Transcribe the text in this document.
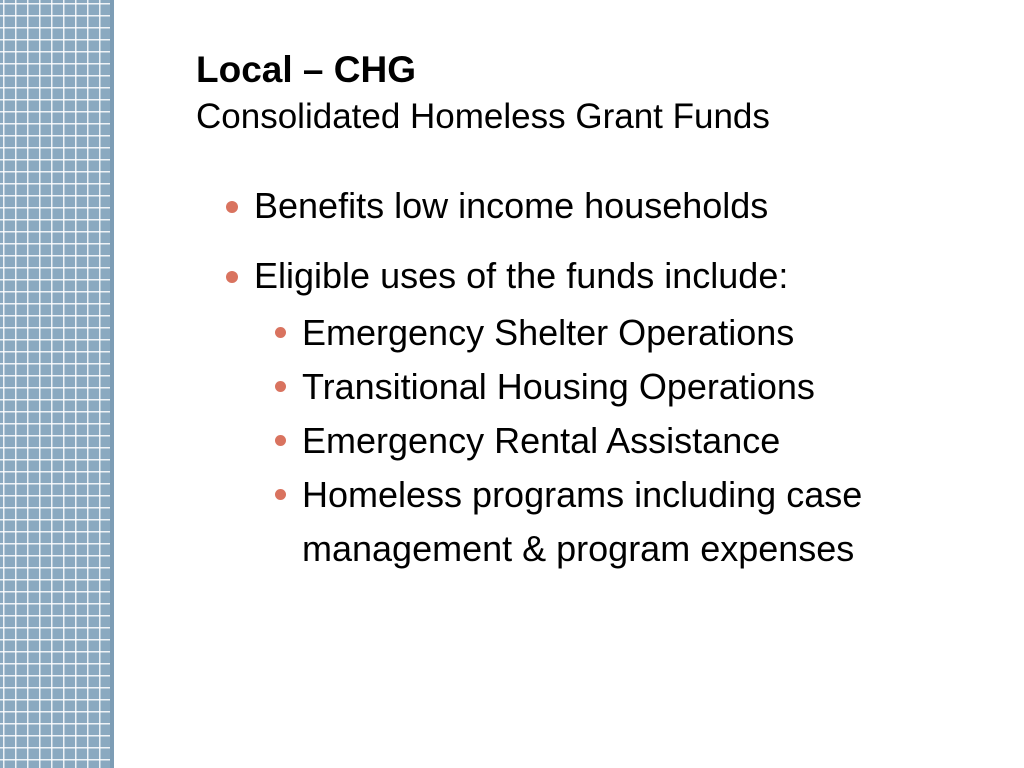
Local – CHG
Consolidated Homeless Grant Funds
Benefits low income households
Eligible uses of the funds include:
Emergency Shelter Operations
Transitional Housing Operations
Emergency Rental Assistance
Homeless programs including case management & program expenses
